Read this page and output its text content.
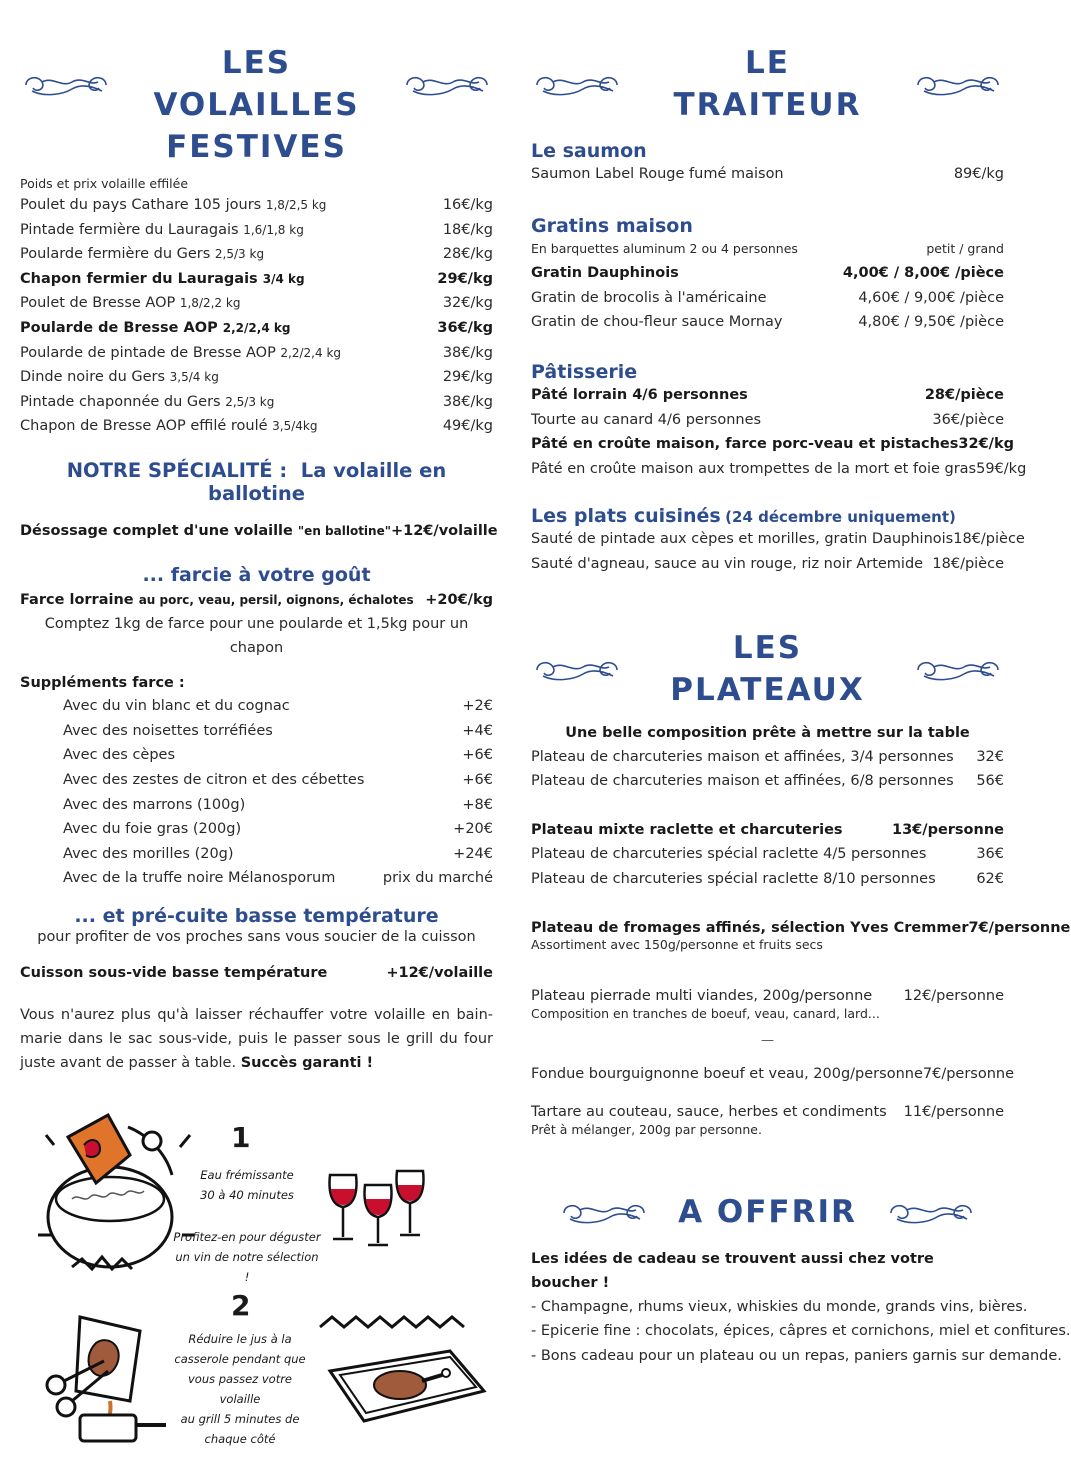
LES VOLAILLES
FESTIVES
Poids et prix volaille effilée
Poulet du pays Cathare 105 jours 1,8/2,5 kg	16€/kg
Pintade fermière du Lauragais 1,6/1,8 kg	18€/kg
Poularde fermière du Gers 2,5/3 kg	28€/kg
Chapon fermier du Lauragais 3/4 kg	29€/kg
Poulet de Bresse AOP 1,8/2,2 kg	32€/kg
Poularde de Bresse AOP 2,2/2,4 kg	36€/kg
Poularde de pintade de Bresse AOP 2,2/2,4 kg	38€/kg
Dinde noire du Gers 3,5/4 kg	29€/kg
Pintade chaponnée du Gers 2,5/3 kg	38€/kg
Chapon de Bresse AOP effilé roulé 3,5/4kg	49€/kg
NOTRE SPÉCIALITÉ : La volaille en ballotine
Désossage complet d'une volaille "en ballotine" +12€/volaille
... farcie à votre goût
Farce lorraine au porc, veau, persil, oignons, échalotes +20€/kg
Comptez 1kg de farce pour une poularde et 1,5kg pour un chapon
Suppléments farce :
Avec du vin blanc et du cognac	+2€
Avec des noisettes torréfiées	+4€
Avec des cèpes	+6€
Avec des zestes de citron et des cébettes	+6€
Avec des marrons (100g)	+8€
Avec du foie gras (200g)	+20€
Avec des morilles (20g)	+24€
Avec de la truffe noire Mélanosporum	prix du marché
... et pré-cuite basse température
pour profiter de vos proches sans vous soucier de la cuisson
Cuisson sous-vide basse température	+12€/volaille

Vous n'aurez plus qu'à laisser réchauffer votre volaille en bain-marie dans le sac sous-vide, puis le passer sous le grill du four juste avant de passer à table. Succès garanti !

1
Eau frémissante
30 à 40 minutes
Profitez-en pour déguster
un vin de notre sélection !
2
Réduire le jus à la
casserole pendant que
vous passez votre volaille
au grill 5 minutes de
chaque côté
LE TRAITEUR
Le saumon
Saumon Label Rouge fumé maison	89€/kg
Gratins maison
En barquettes aluminum 2 ou 4 personnes	petit / grand
Gratin Dauphinois	4,00€ / 8,00€ /pièce
Gratin de brocolis à l'américaine	4,60€ / 9,00€ /pièce
Gratin de chou-fleur sauce Mornay	4,80€ / 9,50€ /pièce
Pâtisserie
Pâté lorrain 4/6 personnes	28€/pièce
Tourte au canard 4/6 personnes	36€/pièce
Pâté en croûte maison, farce porc-veau et pistaches 32€/kg
Pâté en croûte maison aux trompettes de la mort et foie gras 59€/kg
Les plats cuisinés (24 décembre uniquement)
Sauté de pintade aux cèpes et morilles, gratin Dauphinois 18€/pièce
Sauté d'agneau, sauce au vin rouge, riz noir Artemide 18€/pièce
LES PLATEAUX
Une belle composition prête à mettre sur la table
Plateau de charcuteries maison et affinées, 3/4 personnes 32€
Plateau de charcuteries maison et affinées, 6/8 personnes 56€
Plateau mixte raclette et charcuteries	13€/personne
Plateau de charcuteries spécial raclette 4/5 personnes	36€
Plateau de charcuteries spécial raclette 8/10 personnes	62€
Plateau de fromages affinés, sélection Yves Cremmer 7€/personne
Assortiment avec 150g/personne et fruits secs
Plateau pierrade multi viandes, 200g/personne 12€/personne
Composition en tranches de boeuf, veau, canard, lard...
—
Fondue bourguignonne boeuf et veau, 200g/personne 7€/personne
Tartare au couteau, sauce, herbes et condiments 11€/personne
Prêt à mélanger, 200g par personne.
A OFFRIR
Les idées de cadeau se trouvent aussi chez votre boucher !
- Champagne, rhums vieux, whiskies du monde, grands vins, bières.
- Epicerie fine : chocolats, épices, câpres et cornichons, miel et confitures.
- Bons cadeau pour un plateau ou un repas, paniers garnis sur demande.
